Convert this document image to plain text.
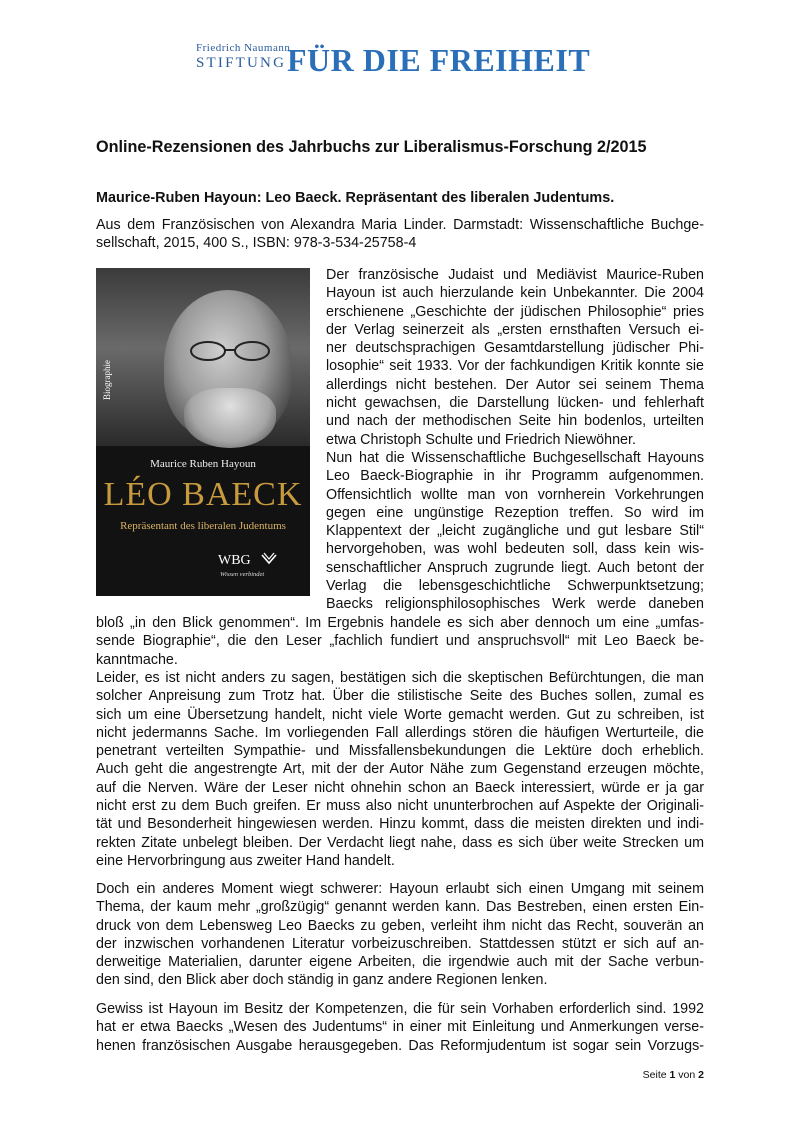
Friedrich Naumann
STIFTUNG FÜR DIE FREIHEIT
Online-Rezensionen des Jahrbuchs zur Liberalismus-Forschung 2/2015
Maurice-Ruben Hayoun: Leo Baeck. Repräsentant des liberalen Judentums.
Aus dem Französischen von Alexandra Maria Linder. Darmstadt: Wissenschaftliche Buchge-
sellschaft, 2015, 400 S., ISBN: 978-3-534-25758-4
Biographie
Maurice Ruben Hayoun
LÉO BAECK
Repräsentant des liberalen Judentums
WBG
Wissen verbindet
Der französische Judaist und Mediävist Maurice-Ruben
Hayoun ist auch hierzulande kein Unbekannter. Die 2004
erschienene „Geschichte der jüdischen Philosophie“ pries
der Verlag seinerzeit als „ersten ernsthaften Versuch ei-
ner deutschsprachigen Gesamtdarstellung jüdischer Phi-
losophie“ seit 1933. Vor der fachkundigen Kritik konnte sie
allerdings nicht bestehen. Der Autor sei seinem Thema
nicht gewachsen, die Darstellung lücken- und fehlerhaft
und nach der methodischen Seite hin bodenlos, urteilten
etwa Christoph Schulte und Friedrich Niewöhner.
Nun hat die Wissenschaftliche Buchgesellschaft Hayouns
Leo Baeck-Biographie in ihr Programm aufgenommen.
Offensichtlich wollte man von vornherein Vorkehrungen
gegen eine ungünstige Rezeption treffen. So wird im
Klappentext der „leicht zugängliche und gut lesbare Stil“
hervorgehoben, was wohl bedeuten soll, dass kein wis-
senschaftlicher Anspruch zugrunde liegt. Auch betont der
Verlag die lebensgeschichtliche Schwerpunktsetzung;
Baecks religionsphilosophisches Werk werde daneben
bloß „in den Blick genommen“. Im Ergebnis handele es sich aber dennoch um eine „umfas-
sende Biographie“, die den Leser „fachlich fundiert und anspruchsvoll“ mit Leo Baeck be-
kanntmache.
Leider, es ist nicht anders zu sagen, bestätigen sich die skeptischen Befürchtungen, die man
solcher Anpreisung zum Trotz hat. Über die stilistische Seite des Buches sollen, zumal es
sich um eine Übersetzung handelt, nicht viele Worte gemacht werden. Gut zu schreiben, ist
nicht jedermanns Sache. Im vorliegenden Fall allerdings stören die häufigen Werturteile, die
penetrant verteilten Sympathie- und Missfallensbekundungen die Lektüre doch erheblich.
Auch geht die angestrengte Art, mit der der Autor Nähe zum Gegenstand erzeugen möchte,
auf die Nerven. Wäre der Leser nicht ohnehin schon an Baeck interessiert, würde er ja gar
nicht erst zu dem Buch greifen. Er muss also nicht ununterbrochen auf Aspekte der Originali-
tät und Besonderheit hingewiesen werden. Hinzu kommt, dass die meisten direkten und indi-
rekten Zitate unbelegt bleiben. Der Verdacht liegt nahe, dass es sich über weite Strecken um
eine Hervorbringung aus zweiter Hand handelt.
Doch ein anderes Moment wiegt schwerer: Hayoun erlaubt sich einen Umgang mit seinem
Thema, der kaum mehr „großzügig“ genannt werden kann. Das Bestreben, einen ersten Ein-
druck von dem Lebensweg Leo Baecks zu geben, verleiht ihm nicht das Recht, souverän an
der inzwischen vorhandenen Literatur vorbeizuschreiben. Stattdessen stützt er sich auf an-
derweitige Materialien, darunter eigene Arbeiten, die irgendwie auch mit der Sache verbun-
den sind, den Blick aber doch ständig in ganz andere Regionen lenken.
Gewiss ist Hayoun im Besitz der Kompetenzen, die für sein Vorhaben erforderlich sind. 1992
hat er etwa Baecks „Wesen des Judentums“ in einer mit Einleitung und Anmerkungen verse-
henen französischen Ausgabe herausgegeben. Das Reformjudentum ist sogar sein Vorzugs-
Seite 1 von 2
